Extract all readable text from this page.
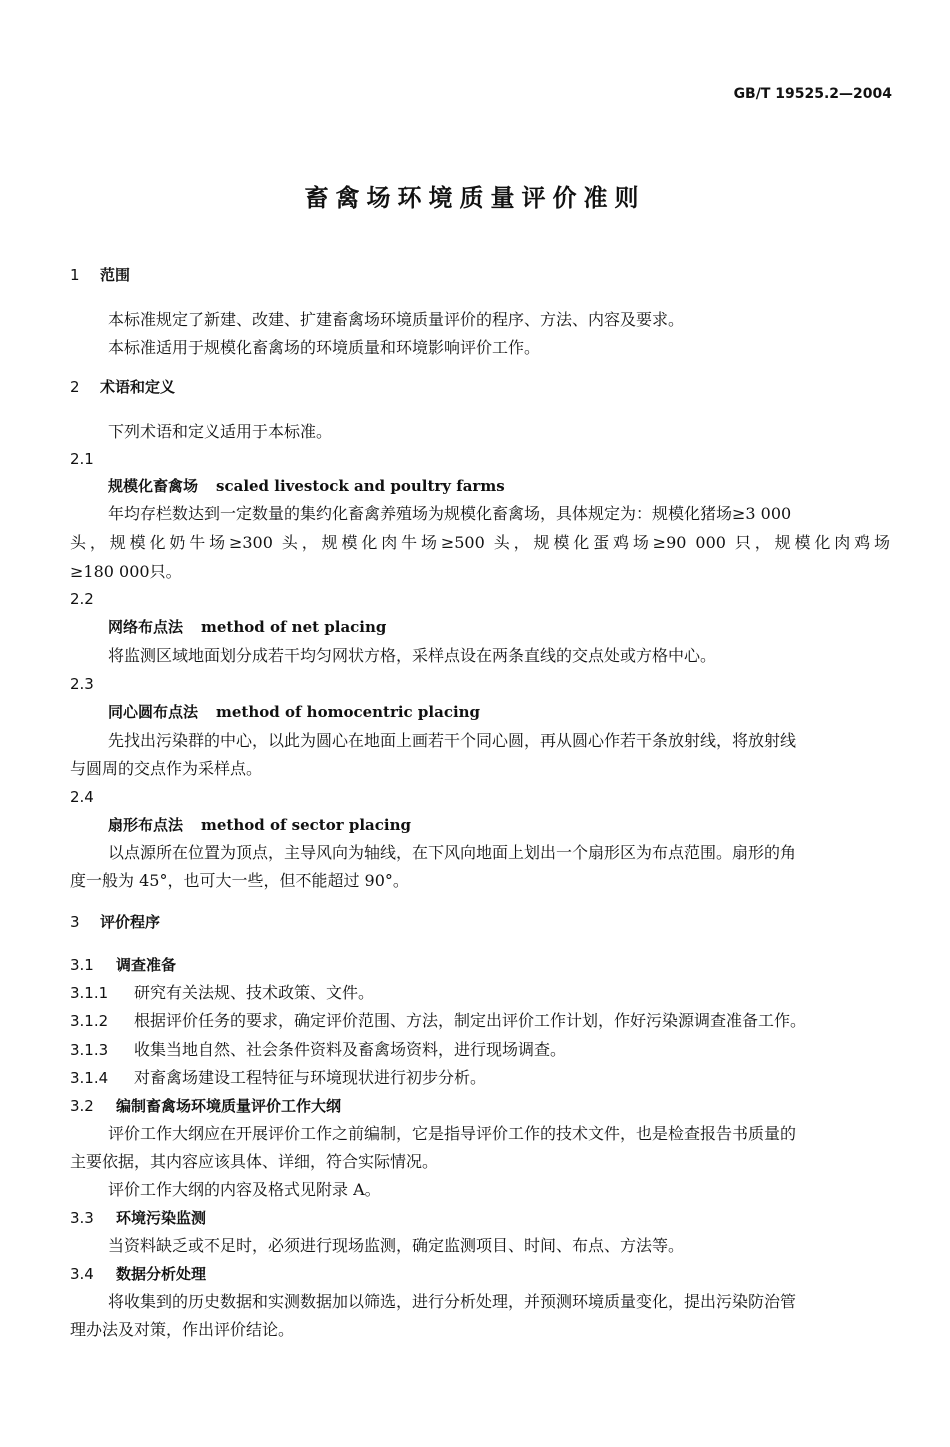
GB/T 19525.2—2004
畜禽场环境质量评价准则
1 范围
本标准规定了新建、改建、扩建畜禽场环境质量评价的程序、方法、内容及要求。
本标准适用于规模化畜禽场的环境质量和环境影响评价工作。
2 术语和定义
下列术语和定义适用于本标准。
2.1
规模化畜禽场 scaled livestock and poultry farms
年均存栏数达到一定数量的集约化畜禽养殖场为规模化畜禽场，具体规定为：规模化猪场≥3 000
头，规模化奶牛场≥300 头，规模化肉牛场≥500 头，规模化蛋鸡场≥90 000 只，规模化肉鸡场
≥180 000只。
2.2
网络布点法 method of net placing
将监测区域地面划分成若干均匀网状方格，采样点设在两条直线的交点处或方格中心。
2.3
同心圆布点法 method of homocentric placing
先找出污染群的中心，以此为圆心在地面上画若干个同心圆，再从圆心作若干条放射线，将放射线
与圆周的交点作为采样点。
2.4
扇形布点法 method of sector placing
以点源所在位置为顶点，主导风向为轴线，在下风向地面上划出一个扇形区为布点范围。扇形的角
度一般为 45°，也可大一些，但不能超过 90°。
3 评价程序
3.1 调查准备
3.1.1 研究有关法规、技术政策、文件。
3.1.2 根据评价任务的要求，确定评价范围、方法，制定出评价工作计划，作好污染源调查准备工作。
3.1.3 收集当地自然、社会条件资料及畜禽场资料，进行现场调查。
3.1.4 对畜禽场建设工程特征与环境现状进行初步分析。
3.2 编制畜禽场环境质量评价工作大纲
评价工作大纲应在开展评价工作之前编制，它是指导评价工作的技术文件，也是检查报告书质量的
主要依据，其内容应该具体、详细，符合实际情况。
评价工作大纲的内容及格式见附录 A。
3.3 环境污染监测
当资料缺乏或不足时，必须进行现场监测，确定监测项目、时间、布点、方法等。
3.4 数据分析处理
将收集到的历史数据和实测数据加以筛选，进行分析处理，并预测环境质量变化，提出污染防治管
理办法及对策，作出评价结论。
